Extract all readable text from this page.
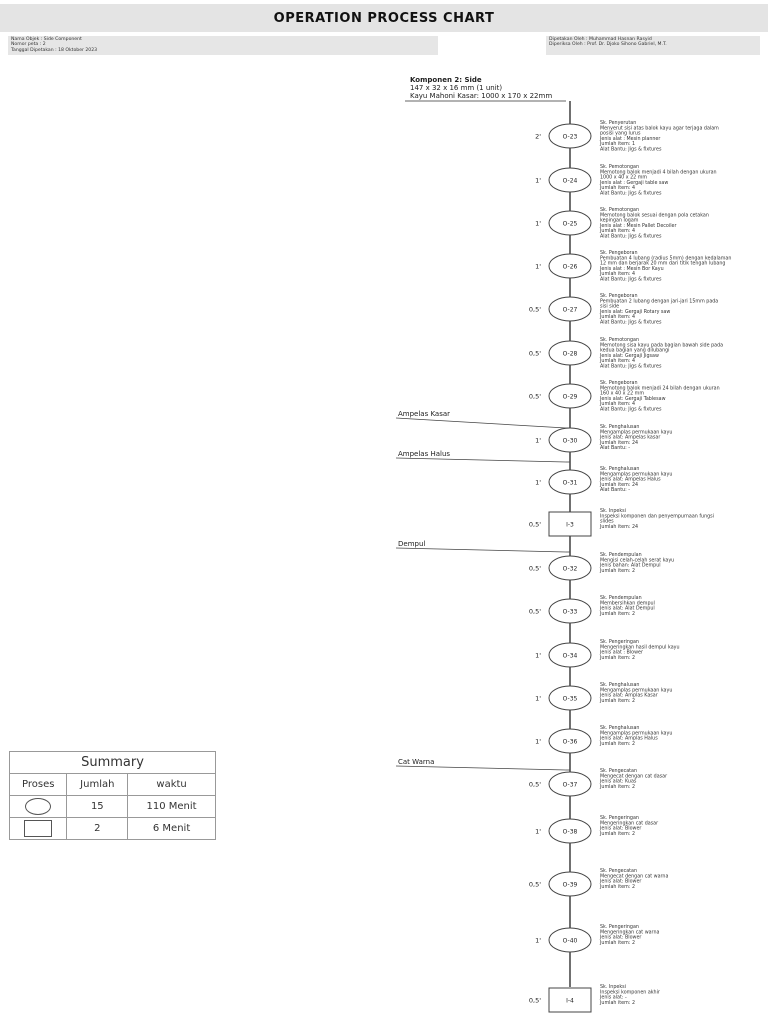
OPERATION PROCESS CHART
Nama Objek : Side Component
Nomor peta : 2
Tanggal Dipetakan : 18 Oktober 2023
Dipetakan Oleh : Muhammad Hasnan Rasyid
Diperiksa Oleh : Prof. Dr. Djoko Sihono Gabriel, M.T.
Komponen 2: Side
147 x 32 x 16 mm (1 unit)
Kayu Mahoni Kasar: 1000 x 170 x 22mm
Ampelas Kasar
Ampelas Halus
Dempul
Cat Warna
O-23
2'
Sk. Penyerutan
Menyerut sisi atas balok kayu agar terjaga dalam
posisi yang lurus
Jenis alat : Mesin planner
Jumlah item: 1
Alat Bantu: Jigs & fixtures
O-24
1'
Sk. Pemotongan
Memotong balok menjadi 4 bilah dengan ukuran
1000 x 40 x 22 mm
Jenis alat : Gergaji table saw
Jumlah item: 4
Alat Bantu: Jigs & fixtures
O-25
1'
Sk. Pemotongan
Memotong balok sesuai dengan pola cetakan
kepingan logam
Jenis alat : Mesin Pallet Decoiler
Jumlah item: 4
Alat Bantu: Jigs & fixtures
O-26
1'
Sk. Pengeboran
Pembuatan 4 lubang (radius 5mm) dengan kedalaman
12 mm dan berjarak 20 mm dari titik tengah lubang
Jenis alat : Mesin Bor Kayu
Jumlah item: 4
Alat Bantu: Jigs & fixtures
O-27
0,5'
Sk. Pengeboran
Pembuatan 2 lubang dengan jari-jari 15mm pada
sisi side
Jenis alat: Gergaji Rotary saw
Jumlah item: 4
Alat Bantu: Jigs & fixtures
O-28
0,5'
Sk. Pemotongan
Memotong sisa kayu pada bagian bawah side pada
kedua bagian yang dilubangi
Jenis alat: Gergaji Jigsaw
Jumlah item: 4
Alat Bantu: Jigs & fixtures
O-29
0,5'
Sk. Pengeboran
Memotong balok menjadi 24 bilah dengan ukuran
160 x 40 x 22 mm
Jenis alat: Gergaji Tablesaw
Jumlah item: 4
Alat Bantu: Jigs & fixtures
O-30
1'
Sk. Penghalusan
Mengamplas permukaan kayu
Jenis alat: Ampelas kasar
Jumlah item: 24
Alat Bantu: -
O-31
1'
Sk. Penghalusan
Mengamplas permukaan kayu
Jenis alat: Ampelas Halus
Jumlah item: 24
Alat Bantu: -
I-3
0,5'
Sk. Inpeksi
Inspeksi komponen dan penyempurnaan fungsi
slides
Jumlah item: 24
O-32
0,5'
Sk. Pendempulan
Mengisi celah-celah serat kayu
Jenis bahan: Alat Dempul
Jumlah item: 2
O-33
0,5'
Sk. Pendempulan
Membersihkan dempul
Jenis alat: Alat Dempul
Jumlah item: 2
O-34
1'
Sk. Pengeringan
Mengeringkan hasil dempul kayu
Jenis alat : Blower
Jumlah item: 2
O-35
1'
Sk. Penghalusan
Mengamplas permukaan kayu
Jenis alat: Amplas Kasar
Jumlah item: 2
O-36
1'
Sk. Penghalusan
Mengamplas permukaan kayu
Jenis alat: Amplas Halus
Jumlah item: 2
O-37
0,5'
Sk. Pengecatan
Mengecat dengan cat dasar
Jenis alat: Kuas
Jumlah item: 2
O-38
1'
Sk. Pengeringan
Mengeringkan cat dasar
Jenis alat: Blower
Jumlah item: 2
O-39
0,5'
Sk. Pengecatan
Mengecat dengan cat warna
Jenis alat: Blower
Jumlah item: 2
O-40
1'
Sk. Pengeringan
Mengeringkan cat warna
Jenis alat: Blower
Jumlah item: 2
I-4
0,5'
Sk. Inpeksi
Inspeksi komponen akhir
Jenis alat: -
Jumlah item: 2
Summary		
Proses	Jumlah	waktu
	15	110 Menit
	2	6 Menit
